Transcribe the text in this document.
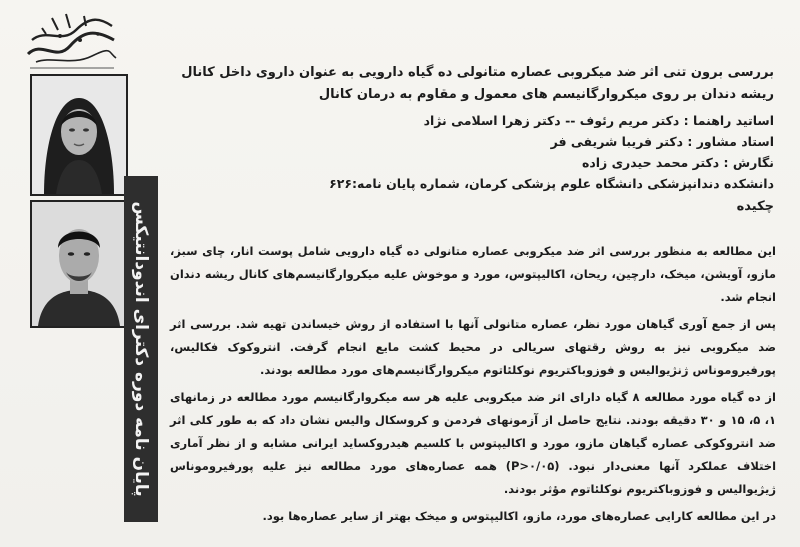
پایان نامه دوره دکترای اندودانتیکس
بررسی برون تنی اثر ضد میکروبی عصاره متانولی ده گیاه دارویی به عنوان داروی داخل کانال ریشه دندان بر روی میکروارگانیسم های معمول و مقاوم به درمان کانال
اساتید راهنما : دکتر مریم رئوف -- دکتر زهرا اسلامی نژاد
استاد مشاور : دکتر فریبا شریفی فر
نگارش : دکتر محمد حیدری زاده
دانشکده دندانپزشکی دانشگاه علوم پزشکی کرمان، شماره پایان نامه:۶۲۶
چکیده

این مطالعه به منظور بررسی اثر ضد میکروبی عصاره متانولی ده گیاه دارویی شامل پوست انار، چای سبز، مازو، آویشن، میخک، دارچین، ریحان، اکالیپتوس، مورد و موخوش علیه میکروارگانیسم‌های کانال ریشه دندان انجام شد.

پس از جمع آوری گیاهان مورد نظر، عصاره متانولی آنها با استفاده از روش خیساندن تهیه شد. بررسی اثر ضد میکروبی نیز به روش رقتهای سریالی در محیط کشت مایع انجام گرفت. انتروکوک فکالیس، پورفیروموناس ژنژیوالیس و فوزوباکتریوم نوکلئاتوم میکروارگانیسم‌های مورد مطالعه بودند.

از ده گیاه مورد مطالعه ۸ گیاه دارای اثر ضد میکروبی علیه هر سه میکروارگانیسم مورد مطالعه در زمانهای ۱، ۵، ۱۵ و ۳۰ دقیقه بودند. نتایج حاصل از آزمونهای فردمن و کروسکال والیس نشان داد که به طور کلی اثر ضد انتروکوکی عصاره گیاهان مازو، مورد و اکالیپتوس با کلسیم هیدروکساید ایرانی مشابه و از نظر آماری اختلاف عملکرد آنها معنی‌دار نبود. (P>۰/۰۵) همه عصاره‌های مورد مطالعه نیز علیه پورفیروموناس ژیژیوالیس و فوزوباکتریوم نوکلئاتوم مؤثر بودند.

در این مطالعه کارایی عصاره‌های مورد، مازو، اکالیپتوس و میخک بهتر از سایر عصاره‌ها بود.
